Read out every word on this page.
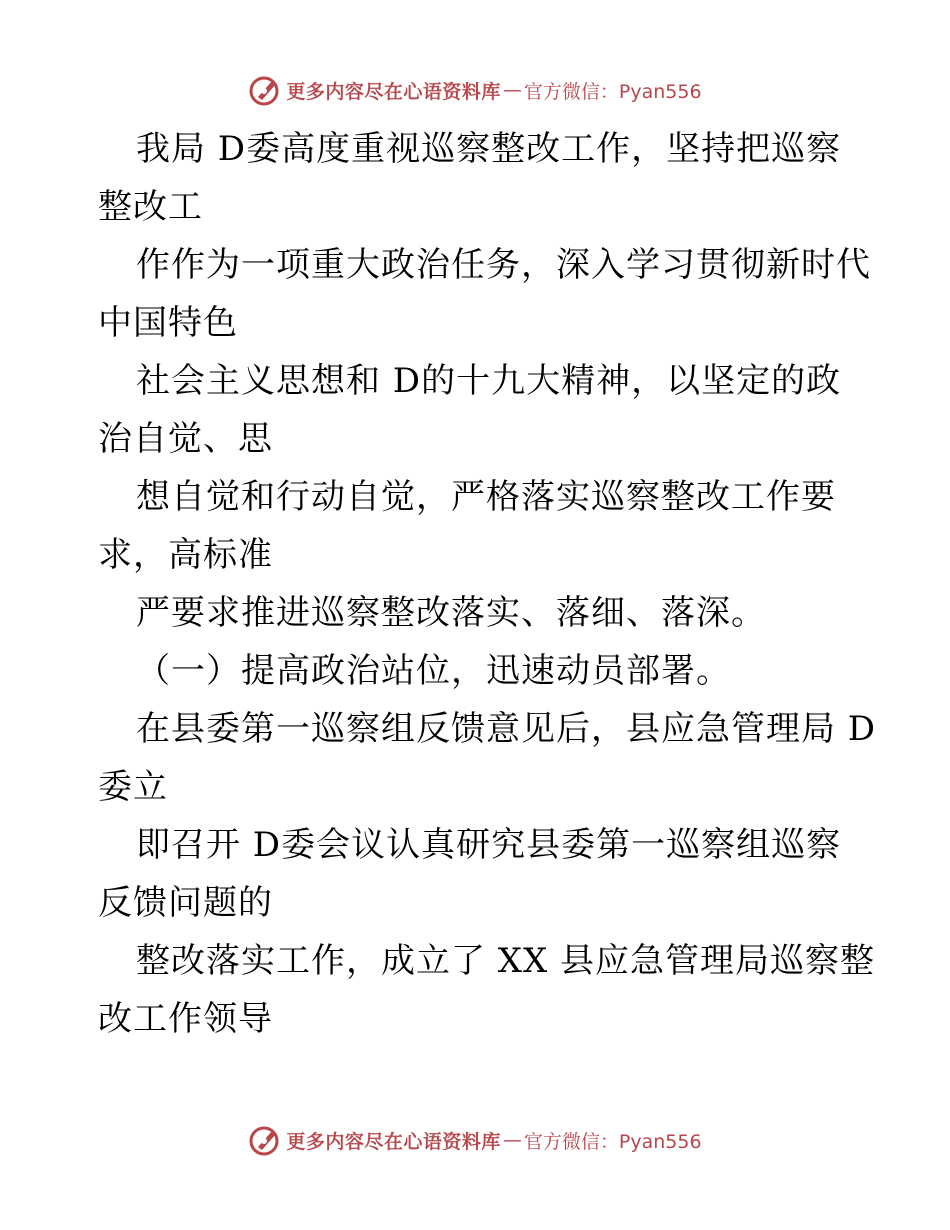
更多内容尽在心语资料库 — 官方微信：Pyan556
我局 D委高度重视巡察整改工作，坚持把巡察
整改工
作作为一项重大政治任务，深入学习贯彻新时代
中国特色
社会主义思想和 D的十九大精神，以坚定的政
治自觉、思
想自觉和行动自觉，严格落实巡察整改工作要
求，高标准
严要求推进巡察整改落实、落细、落深。
（一）提高政治站位，迅速动员部署。
在县委第一巡察组反馈意见后，县应急管理局 D
委立
即召开 D委会议认真研究县委第一巡察组巡察
反馈问题的
整改落实工作，成立了 XX 县应急管理局巡察整
改工作领导
更多内容尽在心语资料库 — 官方微信：Pyan556
